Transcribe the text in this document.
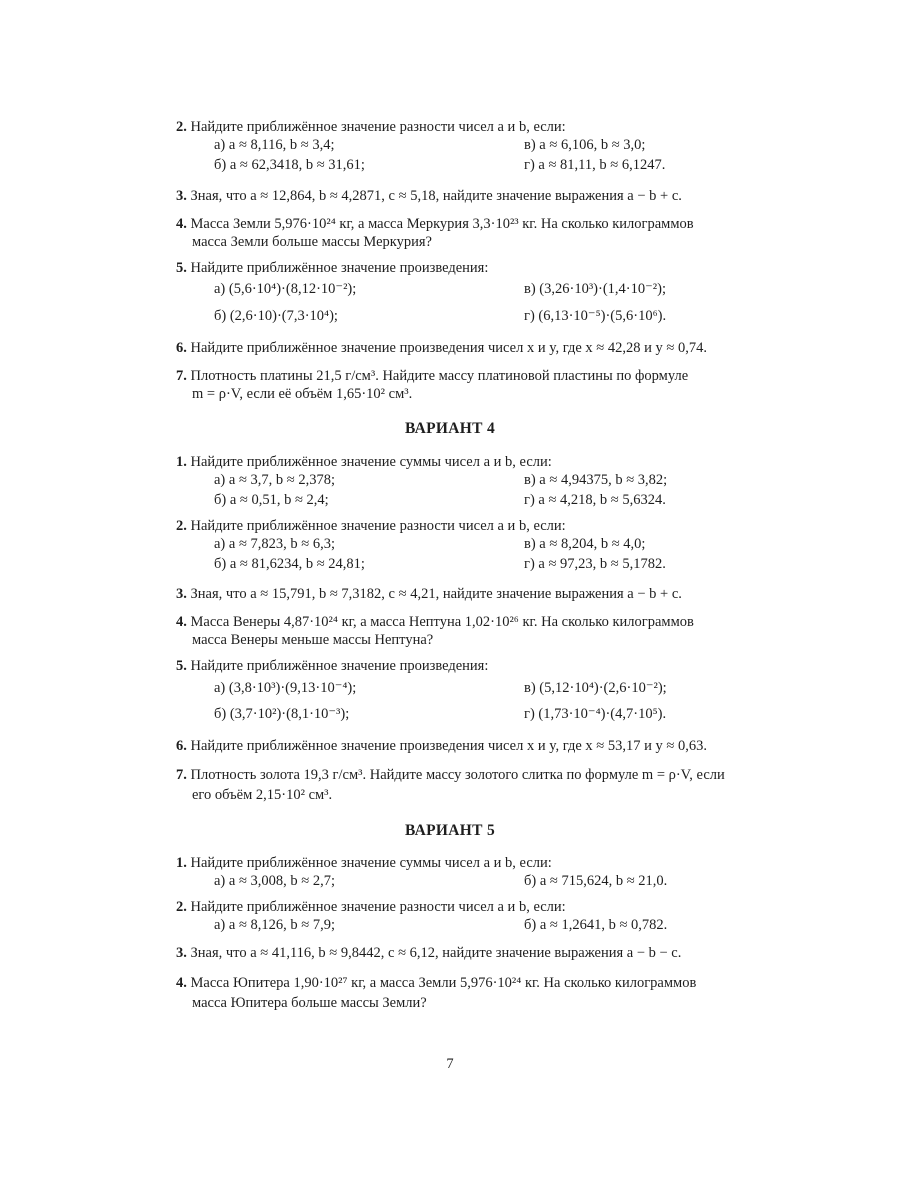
2. Найдите приближённое значение разности чисел a и b, если:
а) a ≈ 8,116, b ≈ 3,4;	в) a ≈ 6,106, b ≈ 3,0;
б) a ≈ 62,3418, b ≈ 31,61;	г) a ≈ 81,11, b ≈ 6,1247.
3. Зная, что a ≈ 12,864, b ≈ 4,2871, c ≈ 5,18, найдите значение выражения a − b + c.
4. Масса Земли 5,976·10²⁴ кг, а масса Меркурия 3,3·10²³ кг. На сколько килограммов
масса Земли больше массы Меркурия?
5. Найдите приближённое значение произведения:
а) (5,6·10⁴)·(8,12·10⁻²);	в) (3,26·10³)·(1,4·10⁻²);
б) (2,6·10)·(7,3·10⁴);	г) (6,13·10⁻⁵)·(5,6·10⁶).
6. Найдите приближённое значение произведения чисел x и y, где x ≈ 42,28 и y ≈ 0,74.
7. Плотность платины 21,5 г/см³. Найдите массу платиновой пластины по формуле
m = ρ·V, если её объём 1,65·10² см³.
ВАРИАНТ 4
1. Найдите приближённое значение суммы чисел a и b, если:
а) a ≈ 3,7, b ≈ 2,378;	в) a ≈ 4,94375, b ≈ 3,82;
б) a ≈ 0,51, b ≈ 2,4;	г) a ≈ 4,218, b ≈ 5,6324.
2. Найдите приближённое значение разности чисел a и b, если:
а) a ≈ 7,823, b ≈ 6,3;	в) a ≈ 8,204, b ≈ 4,0;
б) a ≈ 81,6234, b ≈ 24,81;	г) a ≈ 97,23, b ≈ 5,1782.
3. Зная, что a ≈ 15,791, b ≈ 7,3182, c ≈ 4,21, найдите значение выражения a − b + c.
4. Масса Венеры 4,87·10²⁴ кг, а масса Нептуна 1,02·10²⁶ кг. На сколько килограммов
масса Венеры меньше массы Нептуна?
5. Найдите приближённое значение произведения:
а) (3,8·10³)·(9,13·10⁻⁴);	в) (5,12·10⁴)·(2,6·10⁻²);
б) (3,7·10²)·(8,1·10⁻³);	г) (1,73·10⁻⁴)·(4,7·10⁵).
6. Найдите приближённое значение произведения чисел x и y, где x ≈ 53,17 и y ≈ 0,63.
7. Плотность золота 19,3 г/см³. Найдите массу золотого слитка по формуле m = ρ·V, если
его объём 2,15·10² см³.
ВАРИАНТ 5
1. Найдите приближённое значение суммы чисел a и b, если:
а) a ≈ 3,008, b ≈ 2,7;	б) a ≈ 715,624, b ≈ 21,0.
2. Найдите приближённое значение разности чисел a и b, если:
а) a ≈ 8,126, b ≈ 7,9;	б) a ≈ 1,2641, b ≈ 0,782.
3. Зная, что a ≈ 41,116, b ≈ 9,8442, c ≈ 6,12, найдите значение выражения a − b − c.
4. Масса Юпитера 1,90·10²⁷ кг, а масса Земли 5,976·10²⁴ кг. На сколько килограммов
масса Юпитера больше массы Земли?
7
